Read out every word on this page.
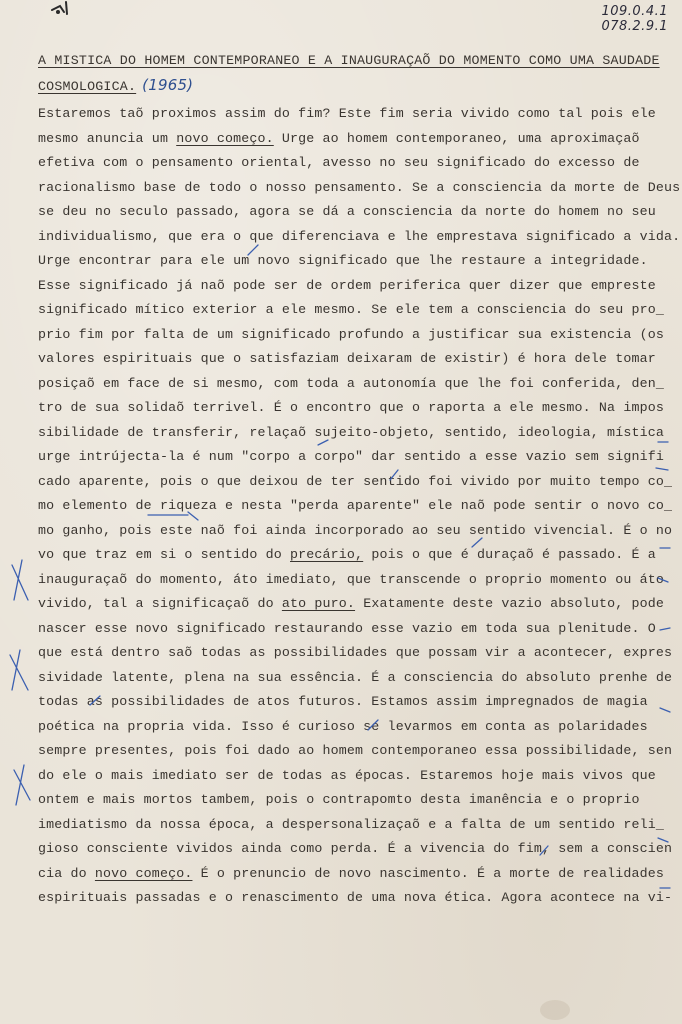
109.0.4.1
078.2.9.1
A MISTICA DO HOMEM CONTEMPORANEO E A INAUGURAÇAÕ DO MOMENTO COMO UMA SAUDADE
COSMOLOGICA. (1965)
Estaremos taõ proximos assim do fim? Este fim seria vivido como tal pois ele
mesmo anuncia um novo começo. Urge ao homem contemporaneo, uma aproximaçaõ
efetiva com o pensamento oriental, avesso no seu significado do excesso de
racionalismo base de todo o nosso pensamento. Se a consciencia da morte de Deus
se deu no seculo passado, agora se dá a consciencia da norte do homem no seu
individualismo, que era o que diferenciava e lhe emprestava significado a vida.
Urge encontrar para ele um novo significado que lhe restaure a integridade.
Esse significado já naõ pode ser de ordem periferica quer dizer que empreste
significado mítico exterior a ele mesmo. Se ele tem a consciencia do seu pro_
prio fim por falta de um significado profundo a justificar sua existencia (os
valores espirituais que o satisfaziam deixaram de existir) é hora dele tomar
posiçaõ em face de si mesmo, com toda a autonomía que lhe foi conferida, den_
tro de sua solidaõ terrivel. É o encontro que o raporta a ele mesmo. Na impos
sibilidade de transferir, relaçaõ sujeito-objeto, sentido, ideologia, mística
urge intrújecta-la é num "corpo a corpo" dar sentido a esse vazio sem signifi
cado aparente, pois o que deixou de ter sentido foi vivido por muito tempo co_
mo elemento de riqueza e nesta "perda aparente" ele naõ pode sentir o novo co_
mo ganho, pois este naõ foi ainda incorporado ao seu sentido vivencial. É o no
vo que traz em si o sentido do precário, pois o que é duraçaõ é passado. É a
inauguraçaõ do momento, áto imediato, que transcende o proprio momento ou áto
vivido, tal a significaçaõ do ato puro. Exatamente deste vazio absoluto, pode
nascer esse novo significado restaurando esse vazio em toda sua plenitude. O
que está dentro saõ todas as possibilidades que possam vir a acontecer, expres
sividade latente, plena na sua essência. É a consciencia do absoluto prenhe de
todas as possibilidades de atos futuros. Estamos assim impregnados de magia
poética na propria vida. Isso é curioso se levarmos em conta as polaridades
sempre presentes, pois foi dado ao homem contemporaneo essa possibilidade, sen
do ele o mais imediato ser de todas as épocas. Estaremos hoje mais vivos que
ontem e mais mortos tambem, pois o contrapomto desta imanência e o proprio
imediatismo da nossa época, a despersonalizaçaõ e a falta de um sentido reli_
gioso consciente vividos ainda como perda. É a vivencia do fim, sem a conscien
cia do novo começo. É o prenuncio de novo nascimento. É a morte de realidades
espirituais passadas e o renascimento de uma nova ética. Agora acontece na vi-
